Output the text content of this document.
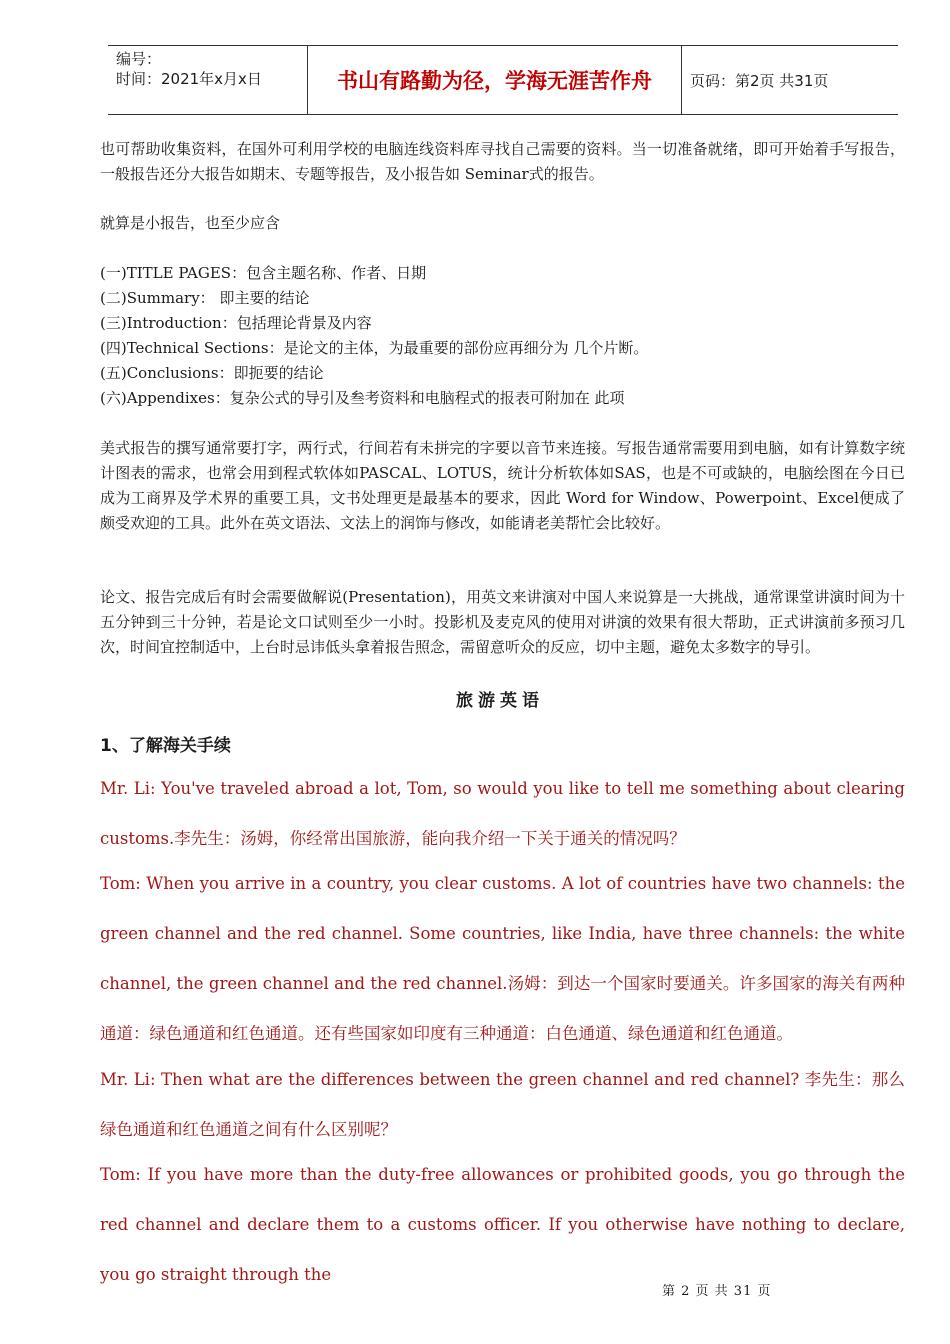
编号：
时间：2021年x月x日	书山有路勤为径，学海无涯苦作舟	页码：第2页 共31页

也可帮助收集资料，在国外可利用学校的电脑连线资料库寻找自己需要的资料。当一切准备就绪，即可开始着手写报告，一般报告还分大报告如期末、专题等报告，及小报告如 Seminar式的报告。

就算是小报告，也至少应含

(一)TITLE PAGES：包含主题名称、作者、日期

(二)Summary： 即主要的结论

(三)Introduction：包括理论背景及内容

(四)Technical Sections：是论文的主体，为最重要的部份应再细分为 几个片断。

(五)Conclusions：即扼要的结论

(六)Appendixes：复杂公式的导引及叁考资料和电脑程式的报表可附加在 此项

美式报告的撰写通常要打字，两行式，行间若有未拼完的字要以音节来连接。写报告通常需要用到电脑，如有计算数字统计图表的需求，也常会用到程式软体如PASCAL、LOTUS，统计分析软体如SAS，也是不可或缺的，电脑绘图在今日已成为工商界及学术界的重要工具，文书处理更是最基本的要求，因此 Word for Window、Powerpoint、Excel便成了颇受欢迎的工具。此外在英文语法、文法上的润饰与修改，如能请老美帮忙会比较好。

论文、报告完成后有时会需要做解说(Presentation)，用英文来讲演对中国人来说算是一大挑战，通常课堂讲演时间为十五分钟到三十分钟，若是论文口试则至少一小时。投影机及麦克风的使用对讲演的效果有很大帮助，正式讲演前多预习几次，时间宜控制适中，上台时忌讳低头拿着报告照念，需留意听众的反应，切中主题，避免太多数字的导引。

旅游英语

1、了解海关手续

Mr. Li: You've traveled abroad a lot, Tom, so would you like to tell me something about clearing customs.李先生：汤姆，你经常出国旅游，能向我介绍一下关于通关的情况吗？

Tom: When you arrive in a country, you clear customs. A lot of countries have two channels: the green channel and the red channel. Some countries, like India, have three channels: the white channel, the green channel and the red channel.汤姆：到达一个国家时要通关。许多国家的海关有两种通道：绿色通道和红色通道。还有些国家如印度有三种通道：白色通道、绿色通道和红色通道。

Mr. Li: Then what are the differences between the green channel and red channel? 李先生：那么绿色通道和红色通道之间有什么区别呢？

Tom: If you have more than the duty-free allowances or prohibited goods, you go through the red channel and declare them to a customs officer. If you otherwise have nothing to declare, you go straight through the

第 2 页 共 31 页
